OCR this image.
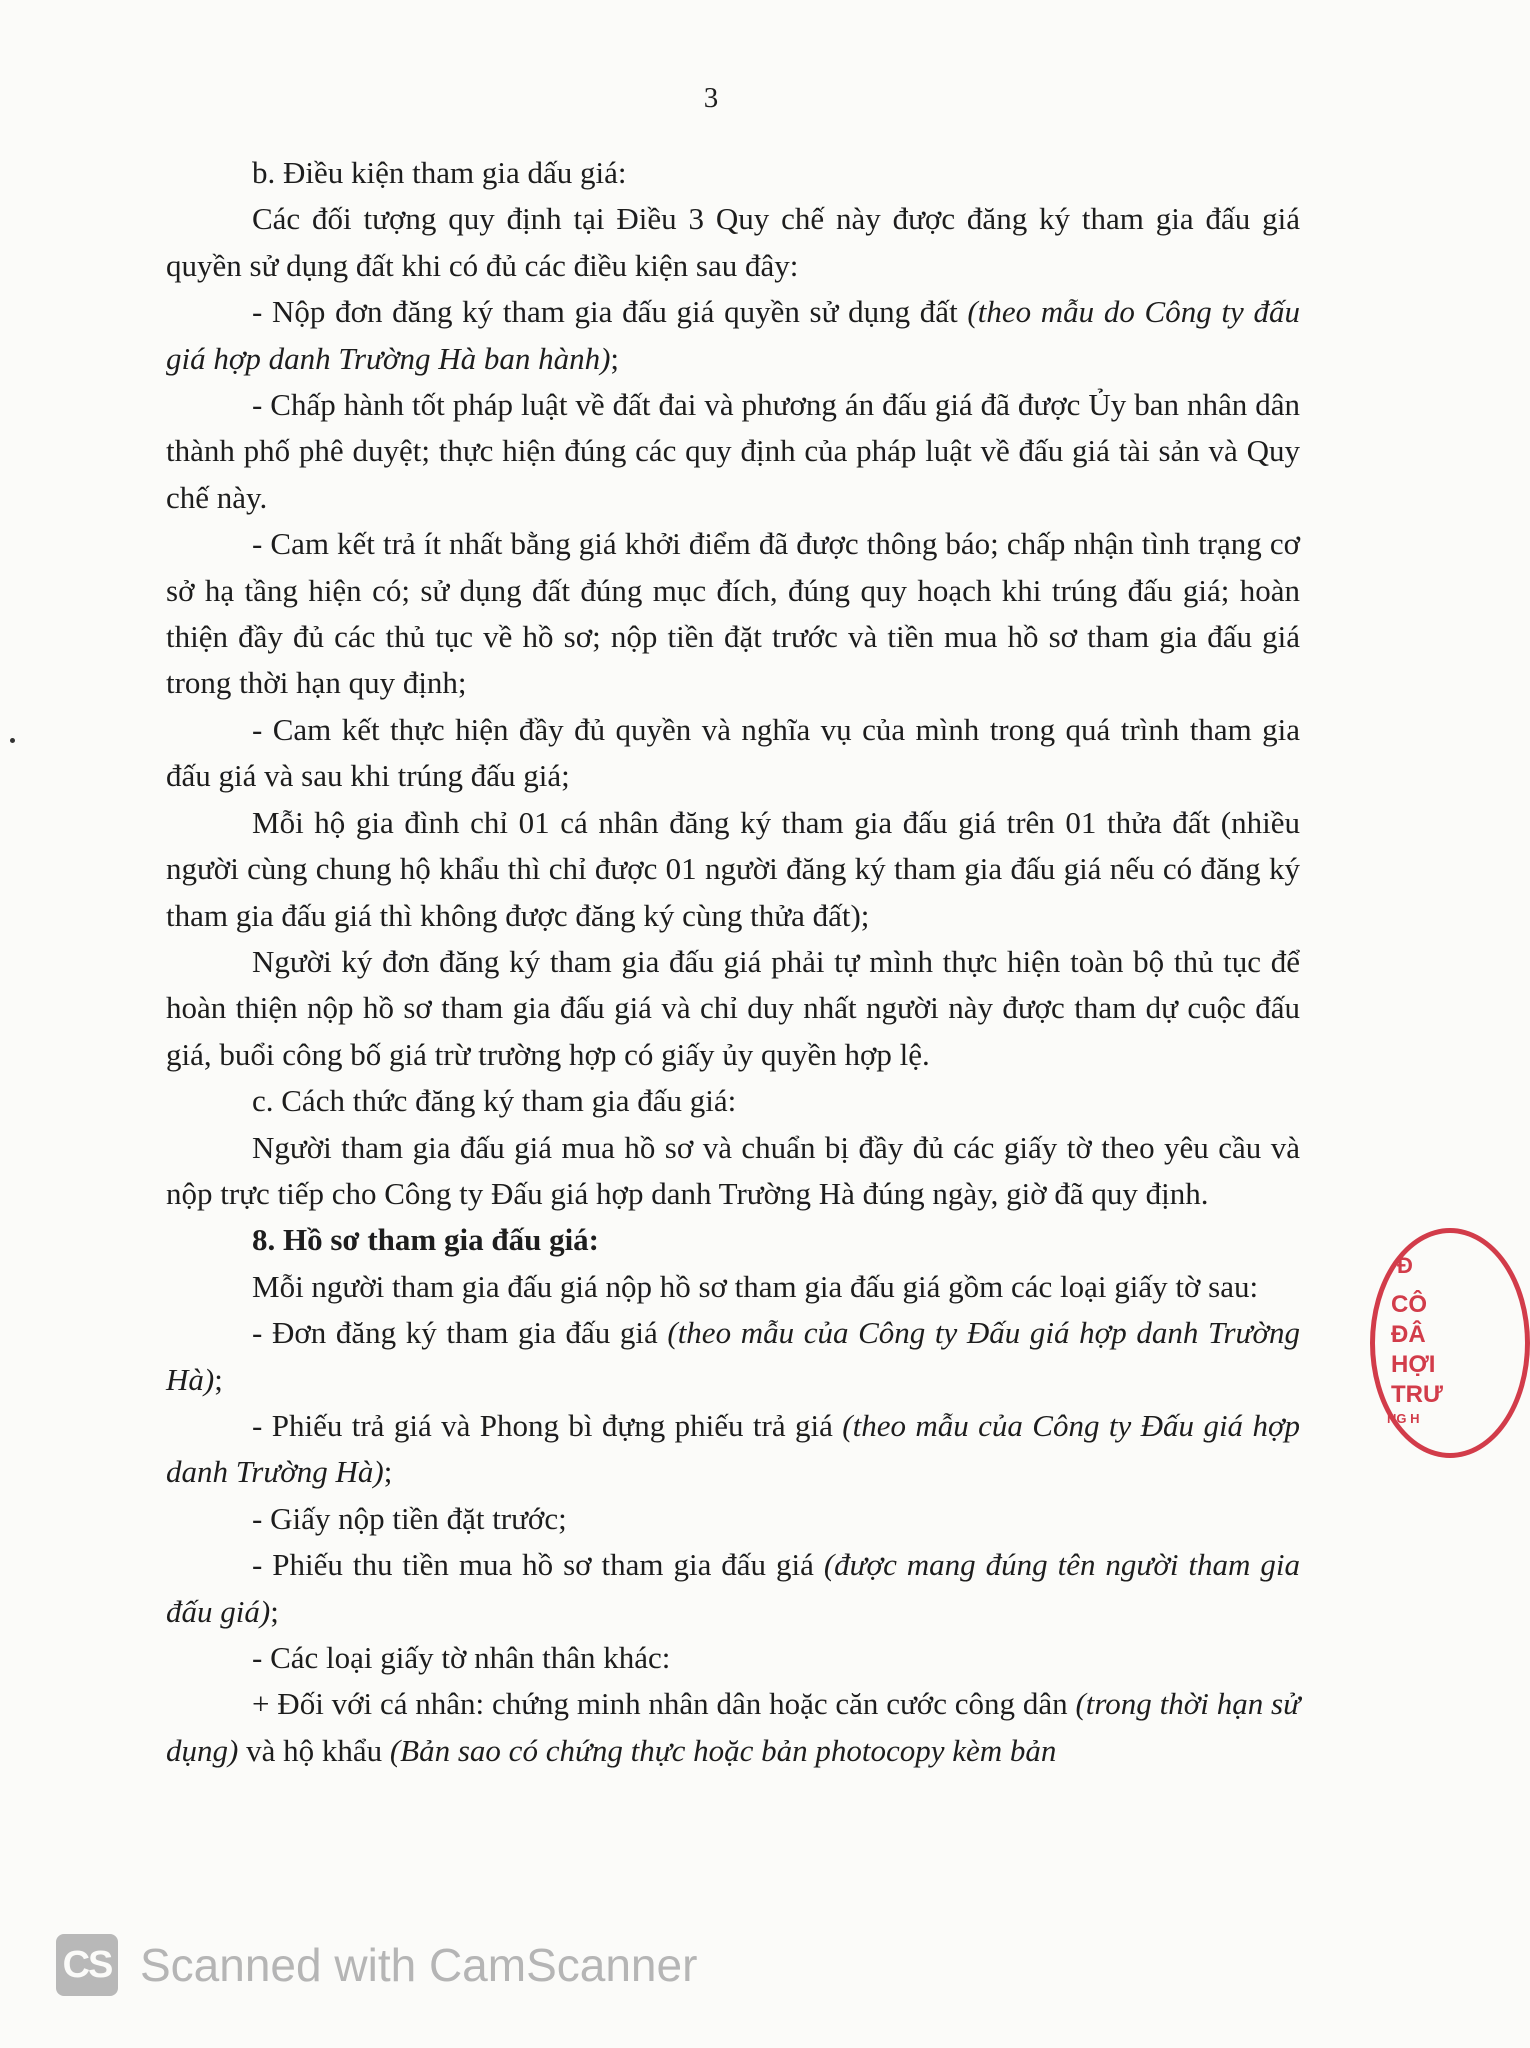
3

b. Điều kiện tham gia dấu giá:

Các đối tượng quy định tại Điều 3 Quy chế này được đăng ký tham gia đấu giá quyền sử dụng đất khi có đủ các điều kiện sau đây:

- Nộp đơn đăng ký tham gia đấu giá quyền sử dụng đất (theo mẫu do Công ty đấu giá hợp danh Trường Hà ban hành);

- Chấp hành tốt pháp luật về đất đai và phương án đấu giá đã được Ủy ban nhân dân thành phố phê duyệt; thực hiện đúng các quy định của pháp luật về đấu giá tài sản và Quy chế này.

- Cam kết trả ít nhất bằng giá khởi điểm đã được thông báo; chấp nhận tình trạng cơ sở hạ tầng hiện có; sử dụng đất đúng mục đích, đúng quy hoạch khi trúng đấu giá; hoàn thiện đầy đủ các thủ tục về hồ sơ; nộp tiền đặt trước và tiền mua hồ sơ tham gia đấu giá trong thời hạn quy định;

- Cam kết thực hiện đầy đủ quyền và nghĩa vụ của mình trong quá trình tham gia đấu giá và sau khi trúng đấu giá;

Mỗi hộ gia đình chỉ 01 cá nhân đăng ký tham gia đấu giá trên 01 thửa đất (nhiều người cùng chung hộ khẩu thì chỉ được 01 người đăng ký tham gia đấu giá nếu có đăng ký tham gia đấu giá thì không được đăng ký cùng thửa đất);

Người ký đơn đăng ký tham gia đấu giá phải tự mình thực hiện toàn bộ thủ tục để hoàn thiện nộp hồ sơ tham gia đấu giá và chỉ duy nhất người này được tham dự cuộc đấu giá, buổi công bố giá trừ trường hợp có giấy ủy quyền hợp lệ.

c. Cách thức đăng ký tham gia đấu giá:

Người tham gia đấu giá mua hồ sơ và chuẩn bị đầy đủ các giấy tờ theo yêu cầu và nộp trực tiếp cho Công ty Đấu giá hợp danh Trường Hà đúng ngày, giờ đã quy định.

8. Hồ sơ tham gia đấu giá:

Mỗi người tham gia đấu giá nộp hồ sơ tham gia đấu giá gồm các loại giấy tờ sau:

- Đơn đăng ký tham gia đấu giá (theo mẫu của Công ty Đấu giá hợp danh Trường Hà);

- Phiếu trả giá và Phong bì đựng phiếu trả giá (theo mẫu của Công ty Đấu giá hợp danh Trường Hà);

- Giấy nộp tiền đặt trước;

- Phiếu thu tiền mua hồ sơ tham gia đấu giá (được mang đúng tên người tham gia đấu giá);

- Các loại giấy tờ nhân thân khác:

+ Đối với cá nhân: chứng minh nhân dân hoặc căn cước công dân (trong thời hạn sử dụng) và hộ khẩu (Bản sao có chứng thực hoặc bản photocopy kèm bản

Đ
CÔ
ĐÂ
HỢI
TRƯ
NG H
CS Scanned with CamScanner
